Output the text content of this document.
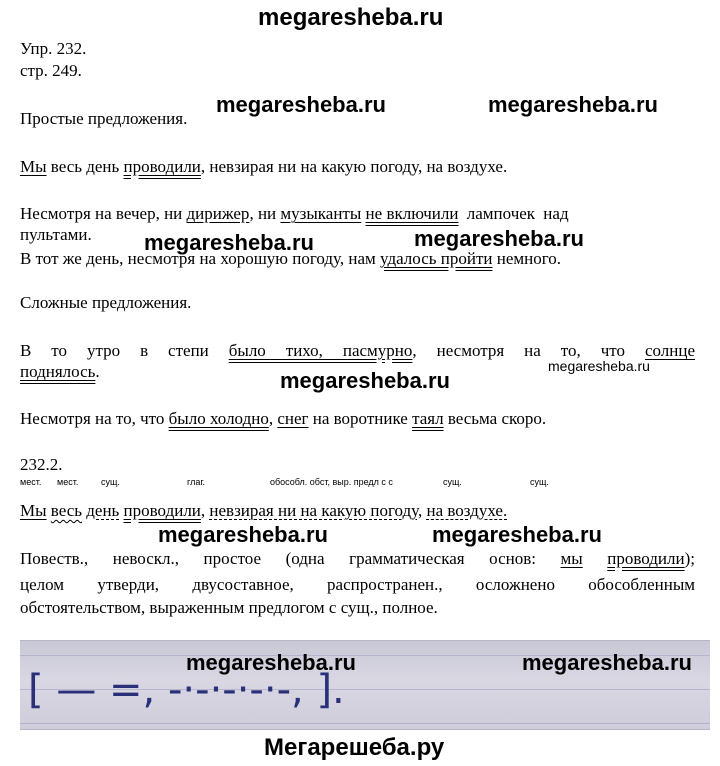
megaresheba.ru
Упр. 232.
стр. 249.
megaresheba.ru	megaresheba.ru
Простые предложения.
Мы весь день проводили, невзирая ни на какую погоду, на воздухе.
Несмотря на вечер, ни дирижер, ни музыканты не включили лампочек над
пультами. megaresheba.ru	megaresheba.ru
В тот же день, несмотря на хорошую погоду, нам удалось пройти немного.
Сложные предложения.
В то утро в степи было тихо, пасмурно, несмотря на то, что солнце
поднялось.	megaresheba.ru
megaresheba.ru
Несмотря на то, что было холодно, снег на воротнике таял весьма скоро.
232.2.
мест. мест.	сущ.	глаг.	обособл. обст, выр. предл с с	сущ.	сущ.
Мы весь день проводили, невзирая ни на какую погоду, на воздухе.
megaresheba.ru	megaresheba.ru
Повеств., невоскл., простое (одна грамматическая основ: мы проводили);
целом утверди, двусоставное, распространен., осложнено обособленным
обстоятельством, выраженным предлогом с сущ., полное.
[ — =, -·-·-·-·-, ].
megaresheba.ru	megaresheba.ru
Мегарешеба.ру
